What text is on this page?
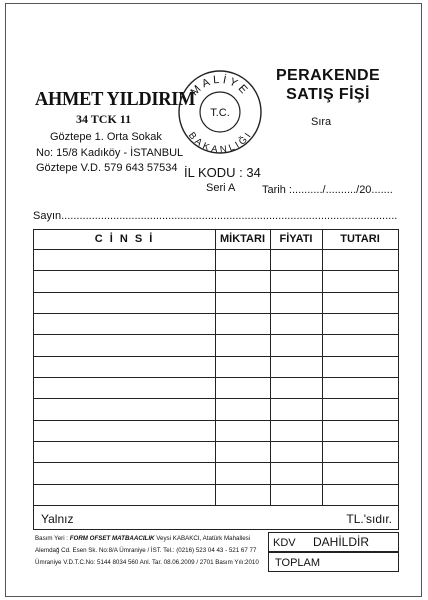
AHMET YILDIRIM
34 TCK 11
Göztepe 1. Orta Sokak
No: 15/8 Kadıköy - İSTANBUL
Göztepe V.D. 579 643 57534
MALİYE
BAKANLIĞI
T.C.
PERAKENDE
SATIŞ FİŞİ
Sıra
İL KODU : 34
Seri A Tarih :........../........../20.......
Sayın..............................................................................................................
C İ N S İ	MİKTARI	FİYATI	TUTARI
Yalnız	TL.'sıdır.
KDV DAHİLDİR
TOPLAM
Basım Yeri : FORM OFSET MATBAACILIK Veysi KABAKCI, Atatürk Mahallesi
Alemdağ Cd. Esen Sk. No:8/A Ümraniye / İST. Tel.: (0216) 523 04 43 - 521 67 77
Ümraniye V.D.T.C.No: 5144 8034 560 Anl. Tar. 08.06.2009 / 2701 Basım Yılı:2010
